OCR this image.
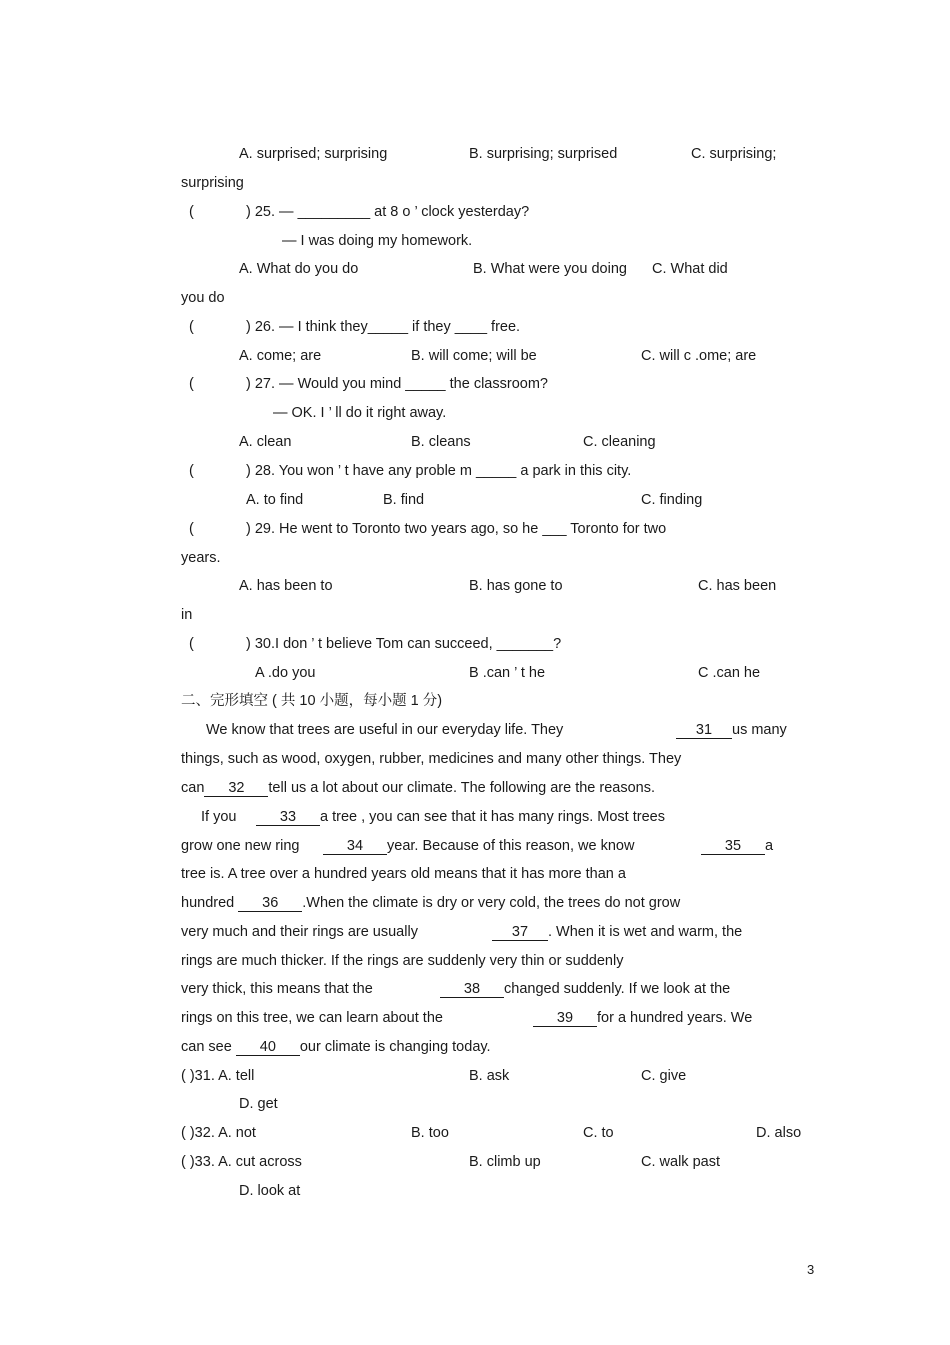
A. surprised; surprising	B. surprising; surprised	C. surprising;
surprising
(	) 25. — _________ at 8 o ’ clock yesterday?
— I was doing my homework.
A. What do you do	B. What were you doing C. What did
you do
(	) 26. — I think they_____ if they ____ free.
A. come; are	B. will come; will be	C. will c .ome; are
(	) 27. — Would you mind _____ the classroom?
— OK. I ’ ll do it right away.
A. clean	B. cleans	C. cleaning
(	) 28. You won ’ t have any proble m _____ a park in this city.
A. to find	B. find	C. finding
(	) 29. He went to Toronto two years ago, so he ___ Toronto for two
years.
A. has been to	B. has gone to	C. has been
in
(	) 30.I don ’ t believe Tom can succeed, _______?
A .do you	B .can ’ t he	C .can he
二、完形填空 ( 共 10 小题，每小题 1 分)
We know that trees are useful in our everyday life. They	31 us many
things, such as wood, oxygen, rubber, medicines and many other things. They
can 32 tell us a lot about our climate. The following are the reasons.
If you	33 a tree , you can see that it has many rings. Most trees
grow one new ring	34 year. Because of this reason, we know	35 a
tree is. A tree over a hundred years old means that it has more than a
hundred 36 .When the climate is dry or very cold, the trees do not grow
very much and their rings are usually	37 . When it is wet and warm, the
rings are much thicker. If the rings are suddenly very thin or suddenly
very thick, this means that the	38 changed suddenly. If we look at the
rings on this tree, we can learn about the	39 for a hundred years. We
can see 40 our climate is changing today.
( )31. A. tell	B. ask	C. give
D. get
( )32. A. not	B. too	C. to	D. also
( )33. A. cut across	B. climb up	C. walk past
D. look at
3
